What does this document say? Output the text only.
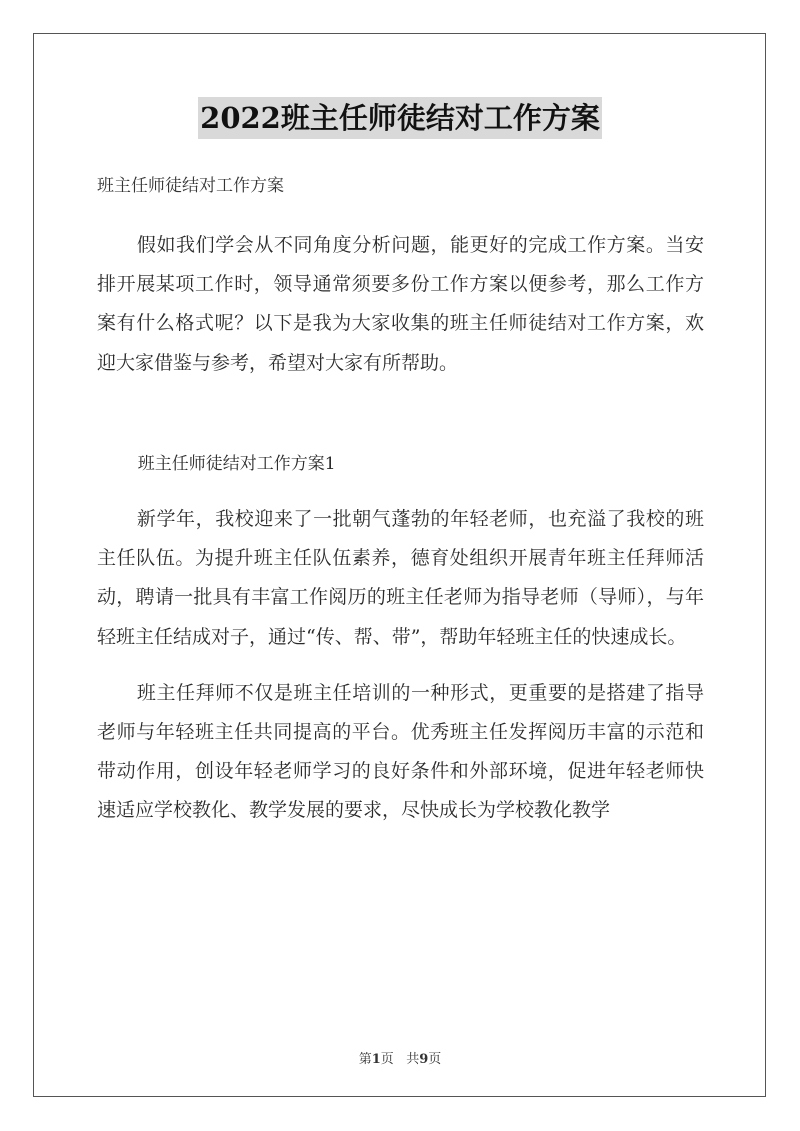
2022班主任师徒结对工作方案
班主任师徒结对工作方案

假如我们学会从不同角度分析问题，能更好的完成工作方案。当安排开展某项工作时，领导通常须要多份工作方案以便参考，那么工作方案有什么格式呢？以下是我为大家收集的班主任师徒结对工作方案，欢迎大家借鉴与参考，希望对大家有所帮助。

班主任师徒结对工作方案1

新学年，我校迎来了一批朝气蓬勃的年轻老师，也充溢了我校的班主任队伍。为提升班主任队伍素养，德育处组织开展青年班主任拜师活动，聘请一批具有丰富工作阅历的班主任老师为指导老师（导师），与年轻班主任结成对子，通过“传、帮、带”，帮助年轻班主任的快速成长。

班主任拜师不仅是班主任培训的一种形式，更重要的是搭建了指导老师与年轻班主任共同提高的平台。优秀班主任发挥阅历丰富的示范和带动作用，创设年轻老师学习的良好条件和外部环境，促进年轻老师快速适应学校教化、教学发展的要求，尽快成长为学校教化教学

第1页 共9页
